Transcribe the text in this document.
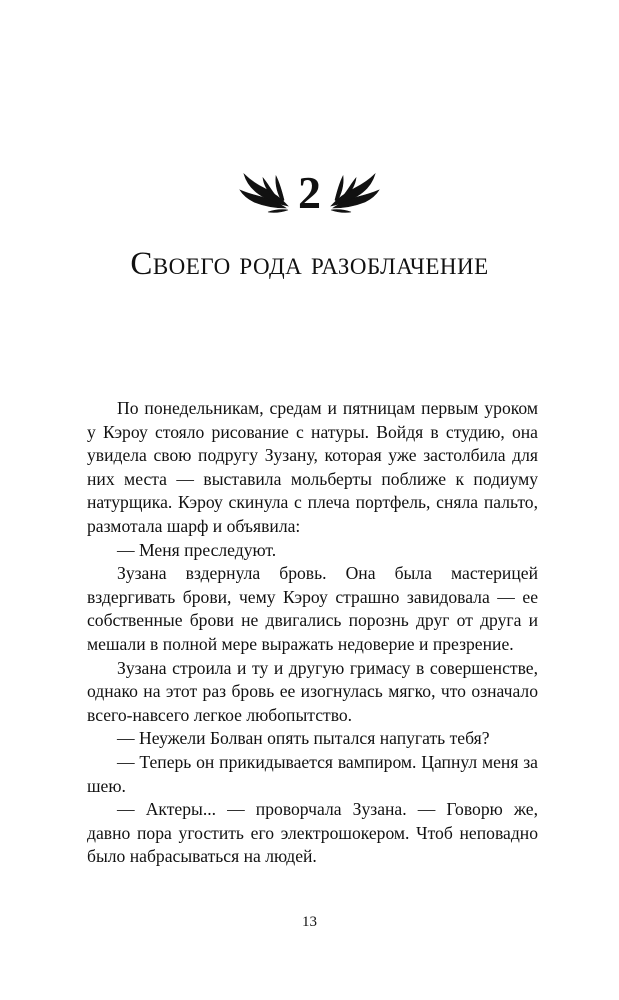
2
Своего рода разоблачение

По понедельникам, средам и пятницам первым уроком у Кэроу стояло рисование с натуры. Войдя в студию, она увидела свою подругу Зузану, которая уже застолбила для них места — выставила мольберты поближе к подиуму натурщика. Кэроу скинула с плеча портфель, сняла пальто, размотала шарф и объявила:

— Меня преследуют.

Зузана вздернула бровь. Она была мастерицей вздергивать брови, чему Кэроу страшно завидовала — ее собственные брови не двигались порознь друг от друга и мешали в полной мере выражать недоверие и презрение.

Зузана строила и ту и другую гримасу в совершенстве, однако на этот раз бровь ее изогнулась мягко, что означало всего-навсего легкое любопытство.

— Неужели Болван опять пытался напугать тебя?

— Теперь он прикидывается вампиром. Цапнул меня за шею.

— Актеры... — проворчала Зузана. — Говорю же, давно пора угостить его электрошокером. Чтоб неповадно было набрасываться на людей.

13
